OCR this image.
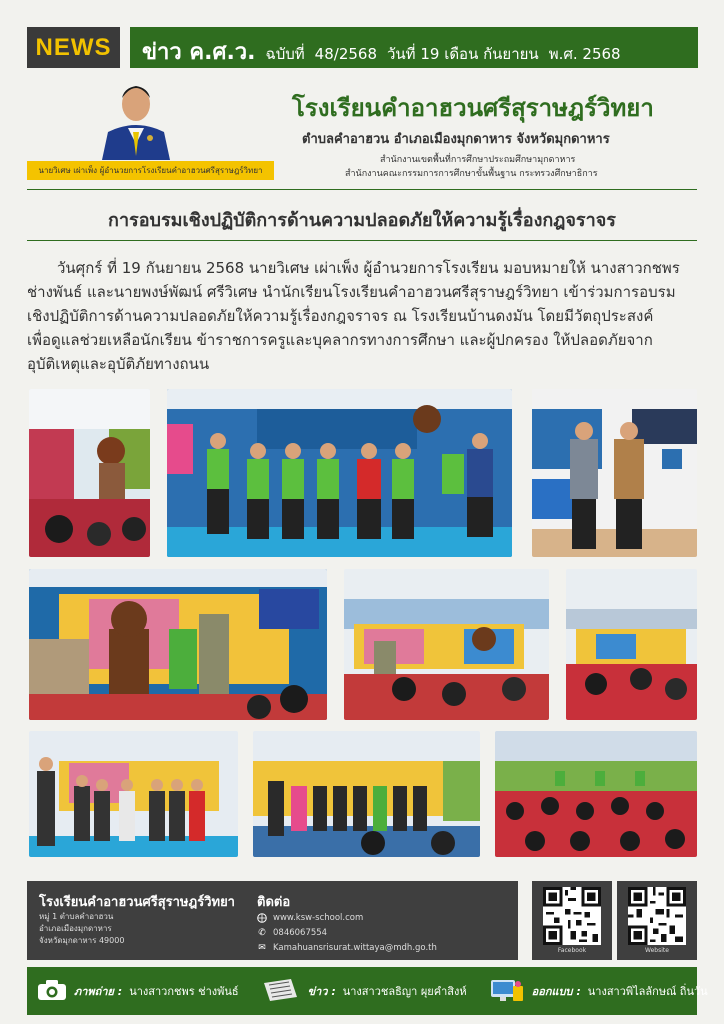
NEWS	ข่าว ค.ศ.ว. ฉบับที่ 48/2568 วันที่ 19 เดือน กันยายน พ.ศ. 2568
นายวิเศษ เผ่าเพ็ง ผู้อำนวยการโรงเรียนคำอาฮวนศรีสุราษฎร์วิทยา
โรงเรียนคำอาฮวนศรีสุราษฎร์วิทยา
ตำบลคำอาฮวน อำเภอเมืองมุกดาหาร จังหวัดมุกดาหาร
สำนักงานเขตพื้นที่การศึกษาประถมศึกษามุกดาหาร
สำนักงานคณะกรรมการการศึกษาขั้นพื้นฐาน กระทรวงศึกษาธิการ
การอบรมเชิงปฏิบัติการด้านความปลอดภัยให้ความรู้เรื่องกฎจราจร
วันศุกร์ ที่ 19 กันยายน 2568 นายวิเศษ เผ่าเพ็ง ผู้อำนวยการโรงเรียน มอบหมายให้ นางสาวกชพร
ช่างพันธ์ และนายพงษ์พัฒน์ ศรีวิเศษ นำนักเรียนโรงเรียนคำอาฮวนศรีสุราษฎร์วิทยา เข้าร่วมการอบรม
เชิงปฏิบัติการด้านความปลอดภัยให้ความรู้เรื่องกฎจราจร ณ โรงเรียนบ้านดงมัน โดยมีวัตถุประสงค์
เพื่อดูแลช่วยเหลือนักเรียน ข้าราชการครูและบุคลากรทางการศึกษา และผู้ปกครอง ให้ปลอดภัยจาก
อุบัติเหตุและอุบัติภัยทางถนน
โรงเรียนคำอาฮวนศรีสุราษฎร์วิทยา
หมู่ 1 ตำบลคำอาฮวน
อำเภอเมืองมุกดาหาร
จังหวัดมุกดาหาร 49000
ติดต่อ
www.ksw-school.com
✆ 0846067554
✉ Kamahuansrisurat.wittaya@mdh.go.th	Facebook	Website
ภาพถ่าย : นางสาวกชพร ช่างพันธ์	ข่าว : นางสาวชลธิญา ผุยคำสิงห์	ออกแบบ : นางสาวพิไลลักษณ์ ถิ่นวัน
